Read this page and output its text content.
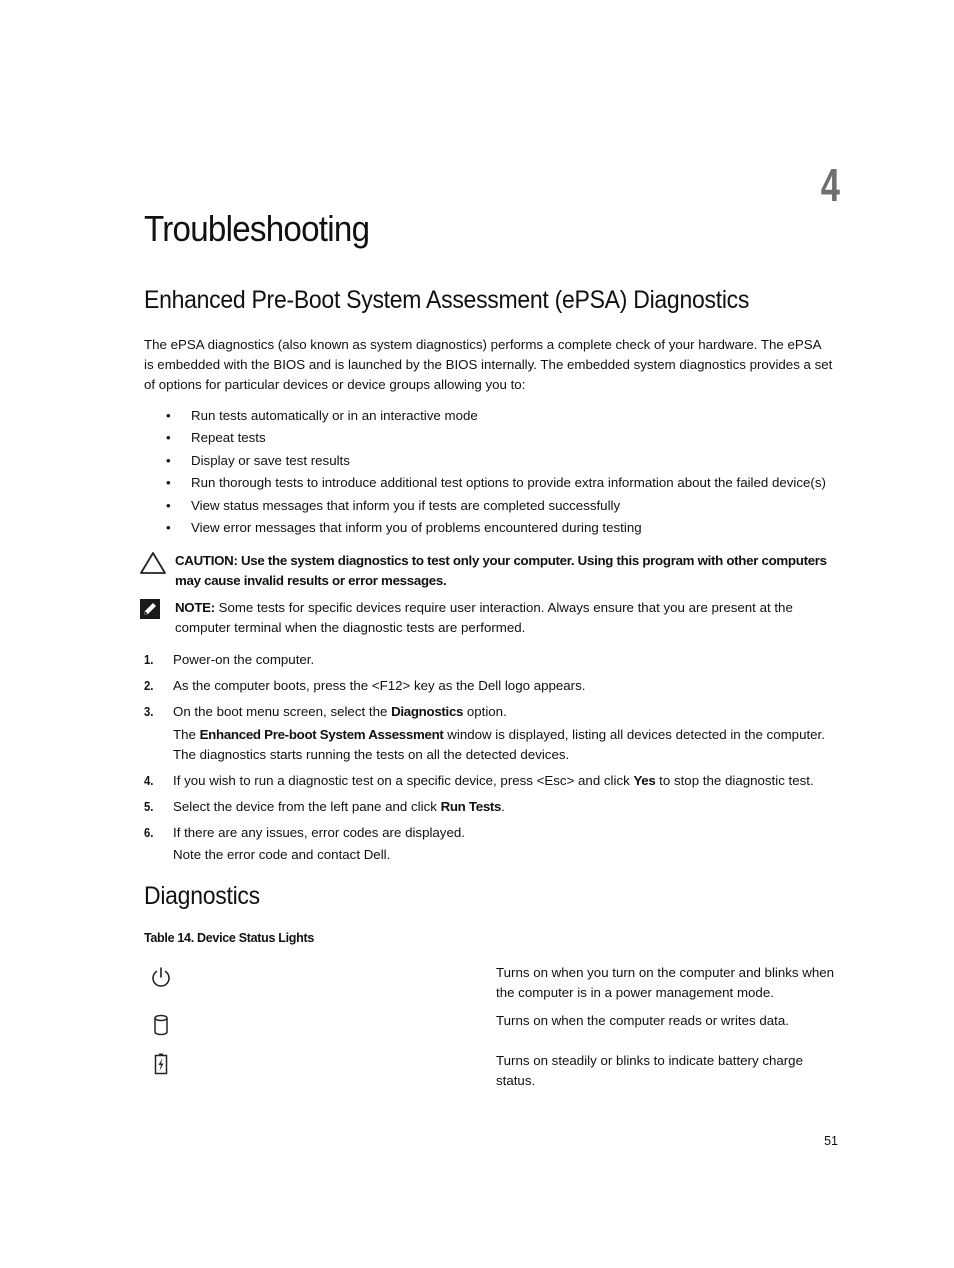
4
Troubleshooting
Enhanced Pre-Boot System Assessment (ePSA) Diagnostics
The ePSA diagnostics (also known as system diagnostics) performs a complete check of your hardware. The ePSA is embedded with the BIOS and is launched by the BIOS internally. The embedded system diagnostics provides a set of options for particular devices or device groups allowing you to:
• Run tests automatically or in an interactive mode
• Repeat tests
• Display or save test results
• Run thorough tests to introduce additional test options to provide extra information about the failed device(s)
• View status messages that inform you if tests are completed successfully
• View error messages that inform you of problems encountered during testing
CAUTION: Use the system diagnostics to test only your computer. Using this program with other computers may cause invalid results or error messages.
NOTE: Some tests for specific devices require user interaction. Always ensure that you are present at the computer terminal when the diagnostic tests are performed.
1. Power-on the computer.
2. As the computer boots, press the <F12> key as the Dell logo appears.
3. On the boot menu screen, select the Diagnostics option.
The Enhanced Pre-boot System Assessment window is displayed, listing all devices detected in the computer. The diagnostics starts running the tests on all the detected devices.
4. If you wish to run a diagnostic test on a specific device, press <Esc> and click Yes to stop the diagnostic test.
5. Select the device from the left pane and click Run Tests.
6. If there are any issues, error codes are displayed.
Note the error code and contact Dell.
Diagnostics
Table 14. Device Status Lights
Turns on when you turn on the computer and blinks when the computer is in a power management mode.
Turns on when the computer reads or writes data.
Turns on steadily or blinks to indicate battery charge status.
51
